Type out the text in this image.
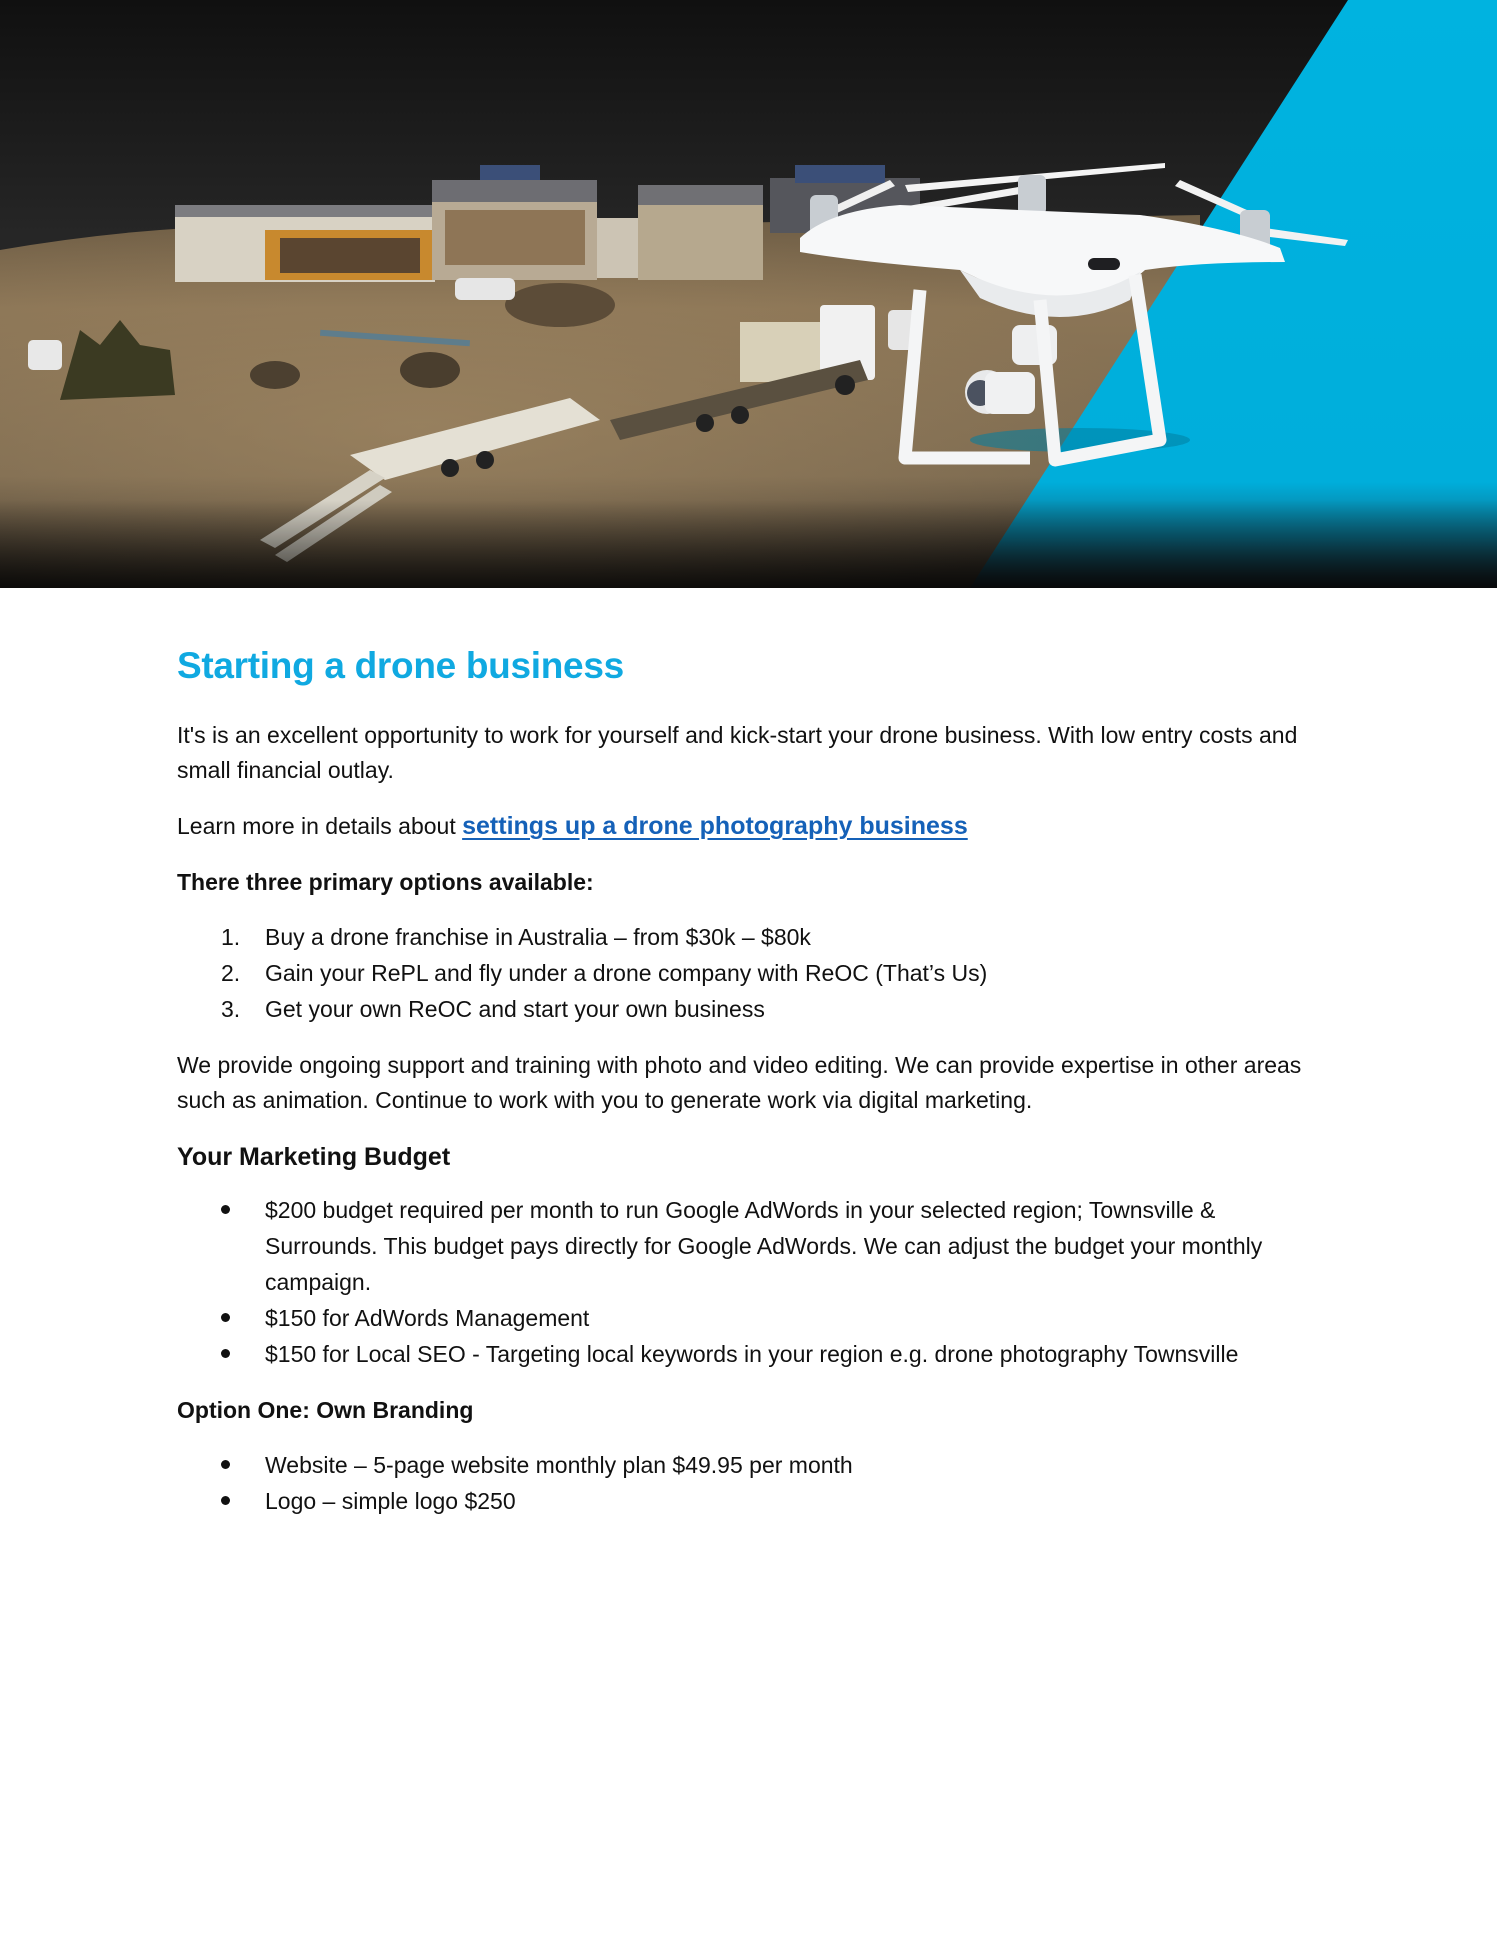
Starting a drone business

It's is an excellent opportunity to work for yourself and kick-start your drone business. With low entry costs and small financial outlay.

Learn more in details about settings up a drone photography business

There three primary options available:

1. Buy a drone franchise in Australia – from $30k – $80k
2. Gain your RePL and fly under a drone company with ReOC (That’s Us)
3. Get your own ReOC and start your own business

We provide ongoing support and training with photo and video editing. We can provide expertise in other areas such as animation. Continue to work with you to generate work via digital marketing.

Your Marketing Budget
$200 budget required per month to run Google AdWords in your selected region; Townsville & Surrounds. This budget pays directly for Google AdWords. We can adjust the budget your monthly campaign.
$150 for AdWords Management
$150 for Local SEO - Targeting local keywords in your region e.g. drone photography Townsville

Option One: Own Branding

Website – 5-page website monthly plan $49.95 per month
Logo – simple logo $250
